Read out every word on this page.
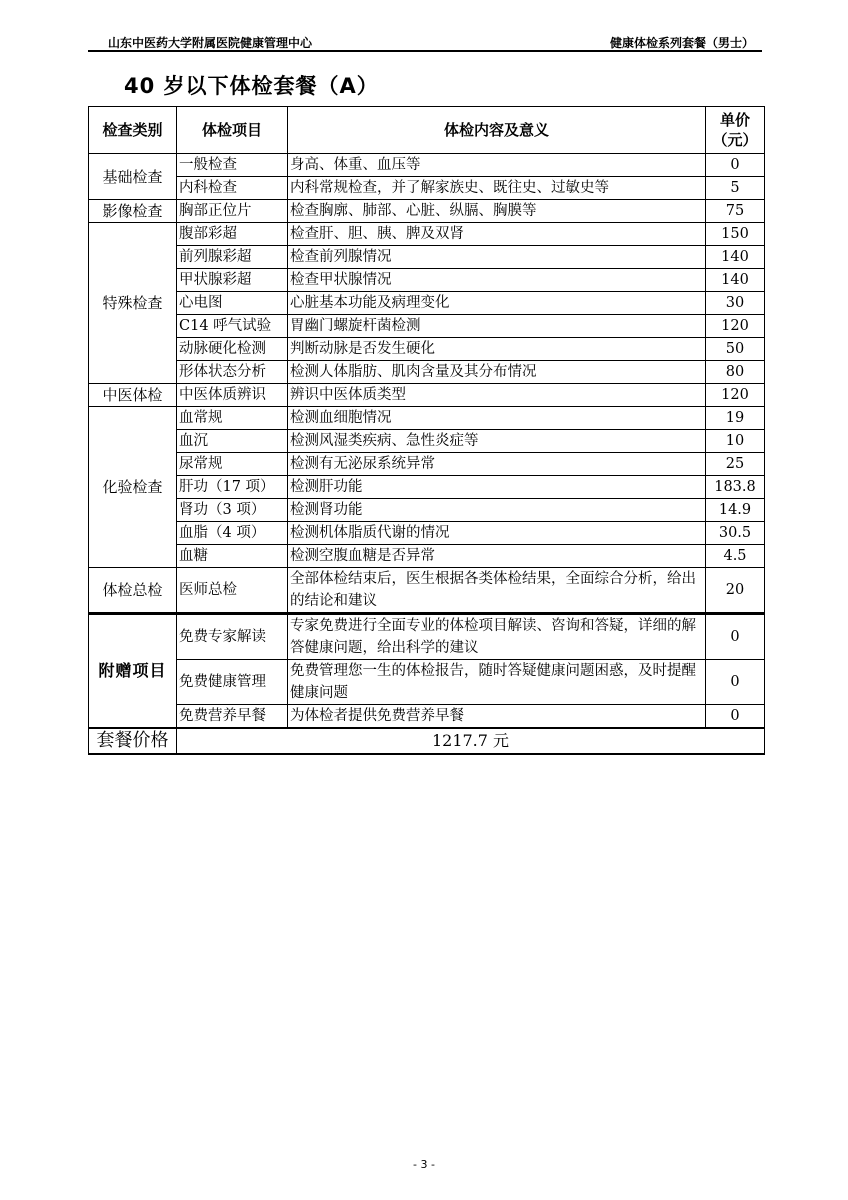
山东中医药大学附属医院健康管理中心	健康体检系列套餐（男士）
40 岁以下体检套餐（A）
检查类别	体检项目	体检内容及意义	单价
（元）

基础检查	一般检查	身高、体重、血压等	0
	内科检查	内科常规检查，并了解家族史、既往史、过敏史等	5
影像检查	胸部正位片	检查胸廓、肺部、心脏、纵膈、胸膜等	75
特殊检查	腹部彩超	检查肝、胆、胰、脾及双肾	150
	前列腺彩超	检查前列腺情况	140
	甲状腺彩超	检查甲状腺情况	140
	心电图	心脏基本功能及病理变化	30
	C14 呼气试验	胃幽门螺旋杆菌检测	120
	动脉硬化检测	判断动脉是否发生硬化	50
	形体状态分析	检测人体脂肪、肌肉含量及其分布情况	80
中医体检	中医体质辨识	辨识中医体质类型	120
化验检查	血常规	检测血细胞情况	19
	血沉	检测风湿类疾病、急性炎症等	10
	尿常规	检测有无泌尿系统异常	25
	肝功（17 项）	检测肝功能	183.8
	肾功（3 项）	检测肾功能	14.9
	血脂（4 项）	检测机体脂质代谢的情况	30.5
	血糖	检测空腹血糖是否异常	4.5
体检总检	医师总检	全部体检结束后，医生根据各类体检结果，全面综合分析，给出的结论和建议	20
附赠项目	免费专家解读	专家免费进行全面专业的体检项目解读、咨询和答疑，详细的解答健康问题，给出科学的建议	0
	免费健康管理	免费管理您一生的体检报告，随时答疑健康问题困惑，及时提醒健康问题	0
	免费营养早餐	为体检者提供免费营养早餐	0
套餐价格	1217.7 元		
- 3 -
